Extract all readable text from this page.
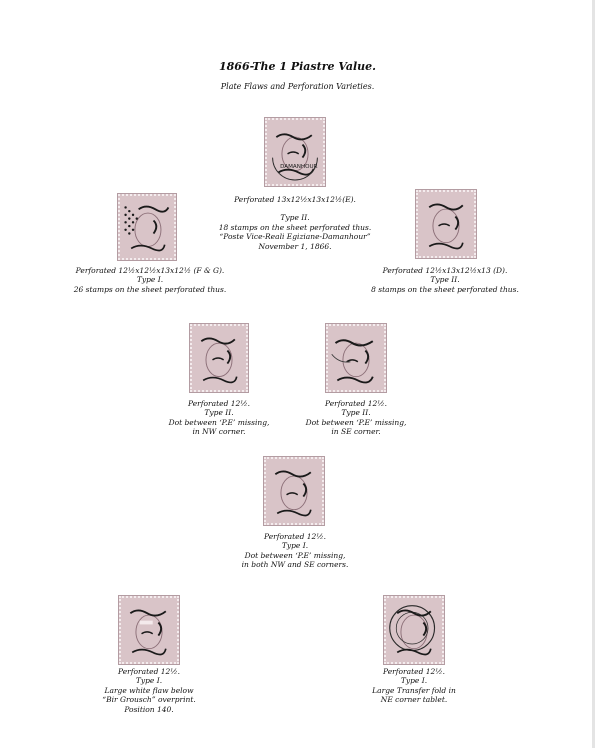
1866-The 1 Piastre Value.
Plate Flaws and Perforation Varieties.
DAMANHOUR
Perforated 13x12½x13x12½(E).
Type II.
18 stamps on the sheet perforated thus.
“Poste Vice-Reali Egiziane-Damanhour”
November 1, 1866.
Perforated 12½x12½x13x12½ (F & G).
Type I.
26 stamps on the sheet perforated thus.
Perforated 12½x13x12½x13 (D).
Type II.
8 stamps on the sheet perforated thus.
Perforated 12½.
Type II.
Dot between ‘P.E’ missing,
in NW corner.
Perforated 12½.
Type II.
Dot between ‘P.E’ missing,
in SE corner.
Perforated 12½.
Type I.
Dot between ‘P.E’ missing,
in both NW and SE corners.
Perforated 12½.
Type I.
Large white flaw below
“Bir Grousch” overprint.
Position 140.
Perforated 12½.
Type I.
Large Transfer fold in
NE corner tablet.
